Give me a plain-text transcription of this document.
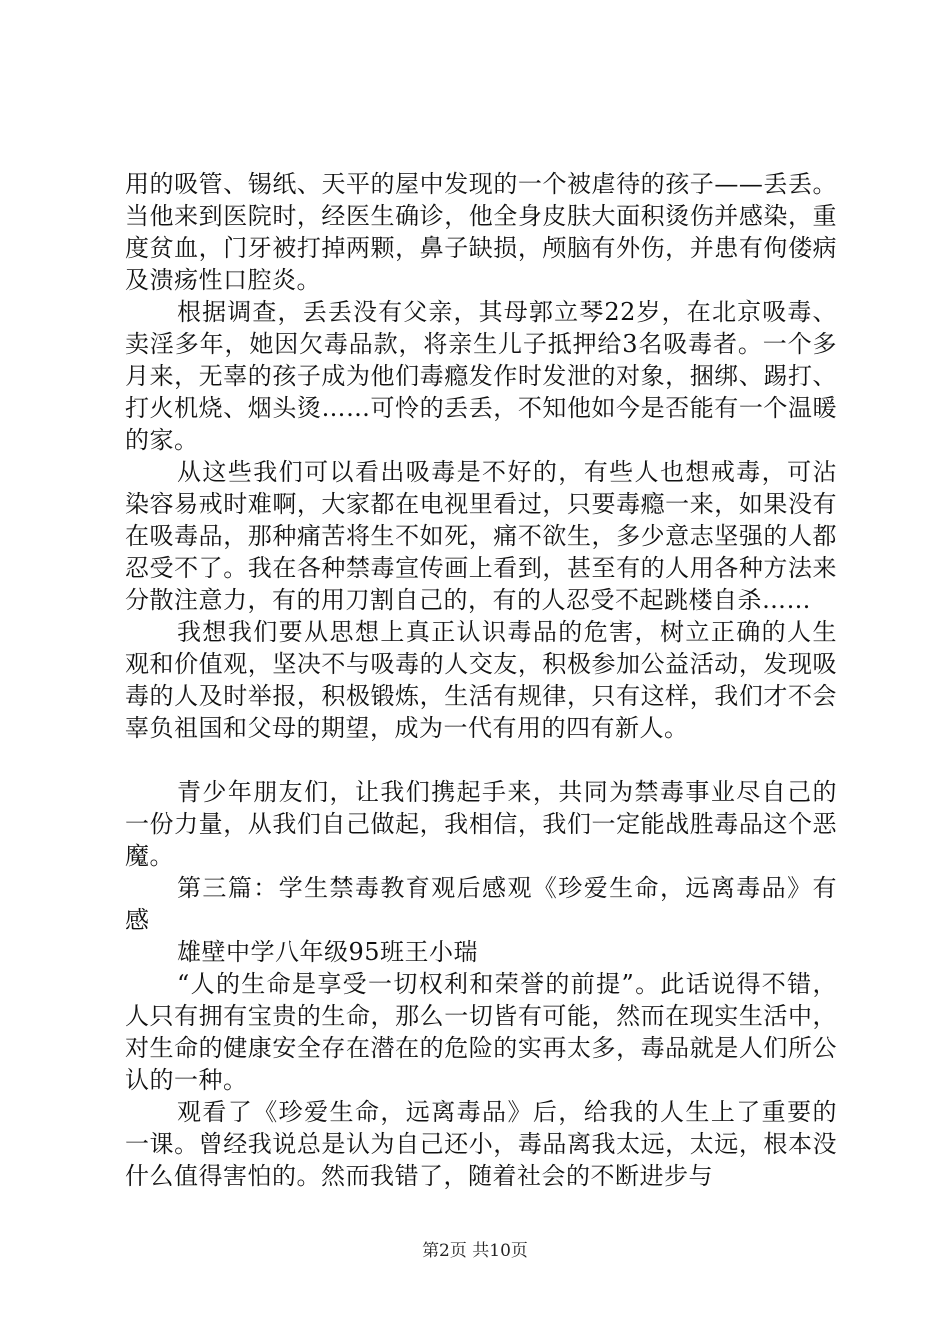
用的吸管、锡纸、天平的屋中发现的一个被虐待的孩子——丢丢。当他来到医院时，经医生确诊，他全身皮肤大面积烫伤并感染，重度贫血，门牙被打掉两颗，鼻子缺损，颅脑有外伤，并患有佝偻病及溃疡性口腔炎。

根据调查，丢丢没有父亲，其母郭立琴22岁，在北京吸毒、卖淫多年，她因欠毒品款，将亲生儿子抵押给3名吸毒者。一个多月来，无辜的孩子成为他们毒瘾发作时发泄的对象，捆绑、踢打、打火机烧、烟头烫……可怜的丢丢，不知他如今是否能有一个温暖的家。

从这些我们可以看出吸毒是不好的，有些人也想戒毒，可沾染容易戒时难啊，大家都在电视里看过，只要毒瘾一来，如果没有在吸毒品，那种痛苦将生不如死，痛不欲生，多少意志坚强的人都忍受不了。我在各种禁毒宣传画上看到，甚至有的人用各种方法来分散注意力，有的用刀割自己的，有的人忍受不起跳楼自杀……

我想我们要从思想上真正认识毒品的危害，树立正确的人生观和价值观，坚决不与吸毒的人交友，积极参加公益活动，发现吸毒的人及时举报，积极锻炼，生活有规律，只有这样，我们才不会辜负祖国和父母的期望，成为一代有用的四有新人。

青少年朋友们，让我们携起手来，共同为禁毒事业尽自己的一份力量，从我们自己做起，我相信，我们一定能战胜毒品这个恶魔。

第三篇：学生禁毒教育观后感观《珍爱生命，远离毒品》有感

雄壁中学八年级95班王小瑞

“人的生命是享受一切权利和荣誉的前提”。此话说得不错，人只有拥有宝贵的生命，那么一切皆有可能，然而在现实生活中，对生命的健康安全存在潜在的危险的实再太多，毒品就是人们所公认的一种。

观看了《珍爱生命，远离毒品》后，给我的人生上了重要的一课。曾经我说总是认为自己还小，毒品离我太远，太远，根本没什么值得害怕的。然而我错了，随着社会的不断进步与

第2页 共10页
